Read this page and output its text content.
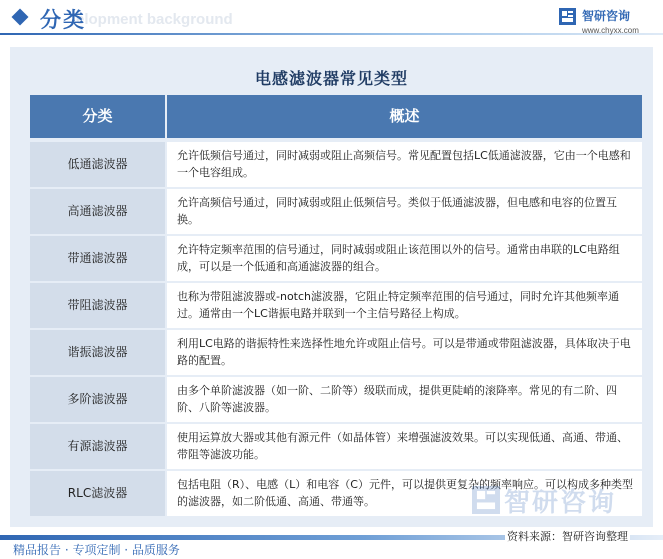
elopment background
分类	智研咨询
www.chyxx.com
电感滤波器常见类型
分类	概述
低通滤波器
允许低频信号通过，同时减弱或阻止高频信号。常见配置包括LC低通滤波器，它由一个电感和一个电容组成。
高通滤波器
允许高频信号通过，同时减弱或阻止低频信号。类似于低通滤波器，但电感和电容的位置互换。
带通滤波器
允许特定频率范围的信号通过，同时减弱或阻止该范围以外的信号。通常由串联的LC电路组成，可以是一个低通和高通滤波器的组合。
带阻滤波器
也称为带阻滤波器或-notch滤波器，它阻止特定频率范围的信号通过，同时允许其他频率通过。通常由一个LC谐振电路并联到一个主信号路径上构成。
谐振滤波器
利用LC电路的谐振特性来选择性地允许或阻止信号。可以是带通或带阻滤波器，具体取决于电路的配置。
多阶滤波器
由多个单阶滤波器（如一阶、二阶等）级联而成，提供更陡峭的滚降率。常见的有二阶、四阶、八阶等滤波器。
有源滤波器
使用运算放大器或其他有源元件（如晶体管）来增强滤波效果。可以实现低通、高通、带通、带阻等滤波功能。
RLC滤波器
包括电阻（R）、电感（L）和电容（C）元件，可以提供更复杂的频率响应。可以构成多种类型的滤波器，如二阶低通、高通、带通等。	智研咨询
精品报告 · 专项定制 · 品质服务
资料来源：智研咨询整理
